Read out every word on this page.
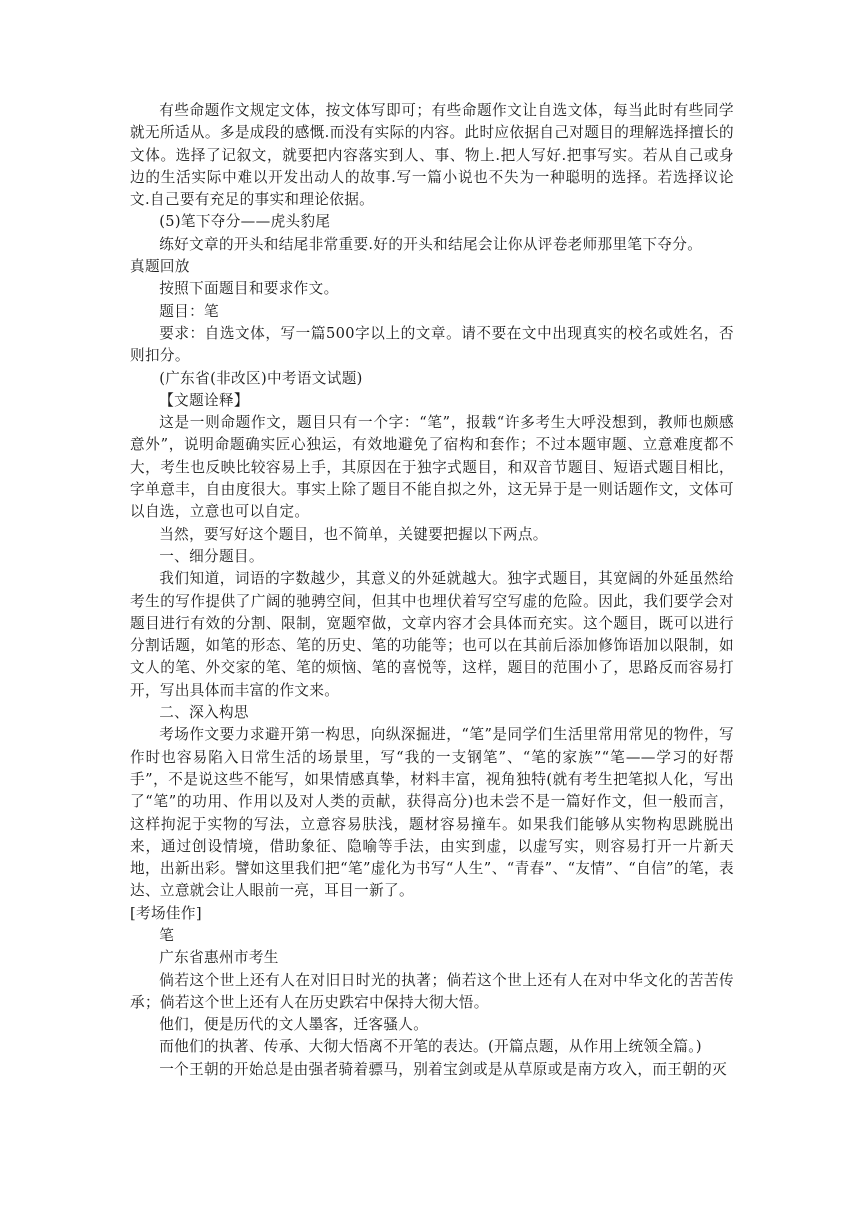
有些命题作文规定文体，按文体写即可；有些命题作文让自选文体，每当此时有些同学就无所适从。多是成段的感慨.而没有实际的内容。此时应依据自己对题目的理解选择擅长的文体。选择了记叙文，就要把内容落实到人、事、物上.把人写好.把事写实。若从自己或身边的生活实际中难以开发出动人的故事.写一篇小说也不失为一种聪明的选择。若选择议论文.自己要有充足的事实和理论依据。

(5)笔下夺分——虎头豹尾

练好文章的开头和结尾非常重要.好的开头和结尾会让你从评卷老师那里笔下夺分。

真题回放

按照下面题目和要求作文。

题目：笔

要求：自选文体，写一篇500字以上的文章。请不要在文中出现真实的校名或姓名，否则扣分。

(广东省(非改区)中考语文试题)

【文题诠释】

这是一则命题作文，题目只有一个字：“笔”，报载“许多考生大呼没想到，教师也颇感意外”，说明命题确实匠心独运，有效地避免了宿构和套作；不过本题审题、立意难度都不大，考生也反映比较容易上手，其原因在于独字式题目，和双音节题目、短语式题目相比，字单意丰，自由度很大。事实上除了题目不能自拟之外，这无异于是一则话题作文，文体可以自选，立意也可以自定。

当然，要写好这个题目，也不简单，关键要把握以下两点。

一、细分题目。

我们知道，词语的字数越少，其意义的外延就越大。独字式题目，其宽阔的外延虽然给考生的写作提供了广阔的驰骋空间，但其中也埋伏着写空写虚的危险。因此，我们要学会对题目进行有效的分割、限制，宽题窄做，文章内容才会具体而充实。这个题目，既可以进行分割话题，如笔的形态、笔的历史、笔的功能等；也可以在其前后添加修饰语加以限制，如文人的笔、外交家的笔、笔的烦恼、笔的喜悦等，这样，题目的范围小了，思路反而容易打开，写出具体而丰富的作文来。

二、深入构思

考场作文要力求避开第一构思，向纵深掘进，“笔”是同学们生活里常用常见的物件，写作时也容易陷入日常生活的场景里，写“我的一支钢笔”、“笔的家族”“笔——学习的好帮手”，不是说这些不能写，如果情感真挚，材料丰富，视角独特(就有考生把笔拟人化，写出了“笔”的功用、作用以及对人类的贡献，获得高分)也未尝不是一篇好作文，但一般而言，这样拘泥于实物的写法，立意容易肤浅，题材容易撞车。如果我们能够从实物构思跳脱出来，通过创设情境，借助象征、隐喻等手法，由实到虚，以虚写实，则容易打开一片新天地，出新出彩。譬如这里我们把“笔”虚化为书写“人生”、“青春”、“友情”、“自信”的笔，表达、立意就会让人眼前一亮，耳目一新了。

[考场佳作]

笔

广东省惠州市考生

倘若这个世上还有人在对旧日时光的执著；倘若这个世上还有人在对中华文化的苦苦传承；倘若这个世上还有人在历史跌宕中保持大彻大悟。

他们，便是历代的文人墨客，迁客骚人。

而他们的执著、传承、大彻大悟离不开笔的表达。(开篇点题，从作用上统领全篇。)

一个王朝的开始总是由强者骑着骠马，别着宝剑或是从草原或是南方攻入，而王朝的灭
